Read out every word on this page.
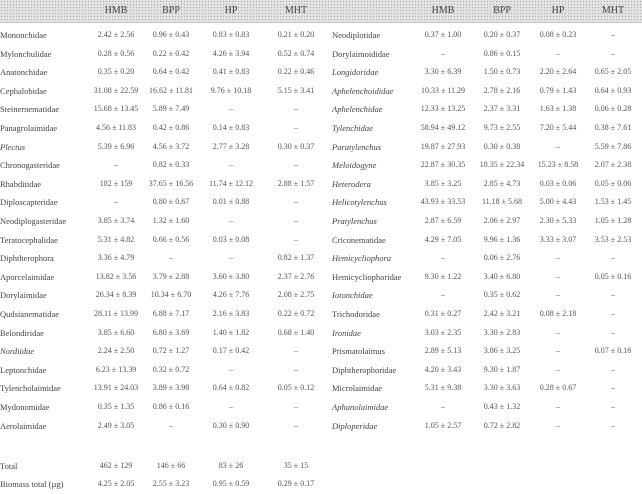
HMB	BPP	HP	MHT	HMB	BPP	HP	MHT
Mononchidae	2.42 ± 2.56	0.96 ± 0.43	0.83 ± 0.83	0.21 ± 0.20
Mylonchulidae	0.28 ± 0.56	0.22 ± 0.42	4.26 ± 3.94	0.52 ± 0.74
Anatonchidae	0.35 ± 0.20	0.64 ± 0.42	0.41 ± 0.83	0.22 ± 0.46
Cephalobidae	31.08 ± 22.59	16.62 ± 11.81	9.76 ± 10.18	5.15 ± 3.41
Steinernematidae	15.68 ± 13.45	5.89 ± 7.49	–	–
Panagrolaimidae	4.56 ± 11.83	0.42 ± 0.86	0.14 ± 0.83	–
Plectus	5.39 ± 6.96	4.56 ± 3.72	2.77 ± 3.28	0.30 ± 0.37
Chronogasteridae	–	0.82 ± 0.33	–	–
Rhabditidae	182 ± 159	37.65 ± 16.56	11.74 ± 12.12	2.88 ± 1.57
Diploscapteridae	–	0.80 ± 0.67	0.01 ± 0.88	–
Neodiplogasteridae	3.85 ± 3.74	1.32 ± 1.60	–	–
Teratocephalidae	5.31 ± 4.82	0.66 ± 0.56	0.03 ± 0.08	–
Diphtherophora	3.36 ± 4.79	–	–	0.82 ± 1.37
Aporcelaimidae	13.82 ± 3.56	3.79 ± 2.88	3.60 ± 3.80	2.37 ± 2.76
Dorylaimidae	26.34 ± 8.39	10.34 ± 6.70	4.26 ± 7.76	2.08 ± 2.75
Qudsianematidae	28.11 ± 13.99	6.88 ± 7.17	2.16 ± 3.83	0.22 ± 0.72
Belondiridae	3.85 ± 6.60	6.80 ± 3.69	1.40 ± 1.82	0.68 ± 1.40
Nordiidae	2.24 ± 2.50	0.72 ± 1.27	0.17 ± 0.42	–
Leptonchidae	6.23 ± 13.39	0.32 ± 0.72	–	–
Tylencholaimidae	13.91 ± 24.03	3.89 ± 3.98	0.64 ± 0.82	0.05 ± 0.12
Mydonomidae	0.35 ± 1.35	0.86 ± 0.16	–	–
Aerolaimidae	2.49 ± 3.05	–	0.30 ± 0.90	–
Neodiplotidae	0.37 ± 1.00	0.20 ± 0.37	0.08 ± 0.23	–
Dorylaimoididae	–	0.86 ± 0.15	–	–
Longidoridae	3.30 ± 6.39	1.50 ± 0.73	2.20 ± 2.64	0.65 ± 2.05
Aphelenchoididae	10.33 ± 11.29	2.78 ± 2.16	0.79 ± 1.43	0.64 ± 0.93
Aphelenchidae	12.33 ± 13.25	2.37 ± 3.31	1.63 ± 1.38	0.06 ± 0.28
Tylenchidae	58.94 ± 49.12	9.73 ± 2.55	7.20 ± 5.44	0.38 ± 7.61
Paratylenchus	19.87 ± 27.93	0.30 ± 0.38	–	5.59 ± 7.86
Meloidogyne	22.87 ± 30.35	18.35 ± 22.34	15.23 ± 8.58	2.07 ± 2.38
Heterodera	3.85 ± 3.25	2.85 ± 4.73	0.03 ± 0.06	0.05 ± 0.06
Helicotylenchus	43.93 ± 33.53	11.18 ± 5.68	5.00 ± 4.43	1.53 ± 1.45
Pratylenchus	2.87 ± 6.59	2.06 ± 2.97	2.30 ± 5.33	1.05 ± 1.28
Criconematidae	4.29 ± 7.05	9.96 ± 1.36	3.33 ± 3.07	3.53 ± 2.53
Hemicycliophora	–	0.06 ± 2.76	–	–
Hemicycliophoridae	9.30 ± 1.22	3.40 ± 6.80	–	0.05 ± 0.16
Iotonchidae	–	0.35 ± 0.62	–	–
Trichodoridae	0.31 ± 0.27	2.42 ± 3.21	0.08 ± 2.18	–
Ironidae	3.03 ± 2.35	3.30 ± 2.83	–	–
Prismatolaimus	2.89 ± 5.13	3.86 ± 3.25	–	0.07 ± 0.16
Diphtherophoridae	4.20 ± 3.43	9.30 ± 1.87	–	–
Microlaimidae	5.31 ± 9.38	3.30 ± 3.63	0.28 ± 0.67	–
Aphanolaimidae	–	0.43 ± 1.32	–	–
Diploperidae	1.05 ± 2.57	0.72 ± 2.82	–	–
Total	462 ± 129	146 ± 66	83 ± 26	35 ± 15
Biomass total (µg)	4.25 ± 2.05	2.55 ± 3.23	0.95 ± 0.59	0.29 ± 0.17
